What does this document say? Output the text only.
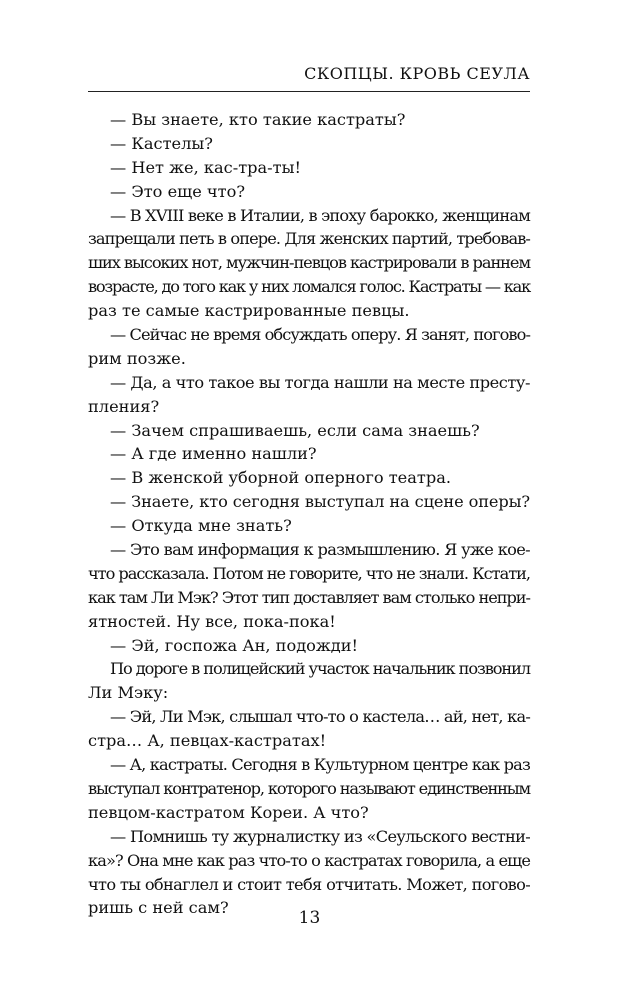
СКОПЦЫ. КРОВЬ СЕУЛА
— Вы знаете, кто такие кастраты?
— Кастелы?
— Нет же, кас-тра-ты!
— Это еще что?
— В XVIII веке в Италии, в эпоху барокко, женщинам
запрещали петь в опере. Для женских партий, требовав-
ших высоких нот, мужчин-певцов кастрировали в раннем
возрасте, до того как у них ломался голос. Кастраты — как
раз те самые кастрированные певцы.
— Сейчас не время обсуждать оперу. Я занят, погово-
рим позже.
— Да, а что такое вы тогда нашли на месте престу-
пления?
— Зачем спрашиваешь, если сама знаешь?
— А где именно нашли?
— В женской уборной оперного театра.
— Знаете, кто сегодня выступал на сцене оперы?
— Откуда мне знать?
— Это вам информация к размышлению. Я уже кое-
что рассказала. Потом не говорите, что не знали. Кстати,
как там Ли Мэк? Этот тип доставляет вам столько непри-
ятностей. Ну все, пока-пока!
— Эй, госпожа Ан, подожди!
По дороге в полицейский участок начальник позвонил
Ли Мэку:
— Эй, Ли Мэк, слышал что-то о кастела… ай, нет, ка-
стра… А, певцах-кастратах!
— А, кастраты. Сегодня в Культурном центре как раз
выступал контратенор, которого называют единственным
певцом-кастратом Кореи. А что?
— Помнишь ту журналистку из «Сеульского вестни-
ка»? Она мне как раз что-то о кастратах говорила, а еще
что ты обнаглел и стоит тебя отчитать. Может, погово-
ришь с ней сам?
13
